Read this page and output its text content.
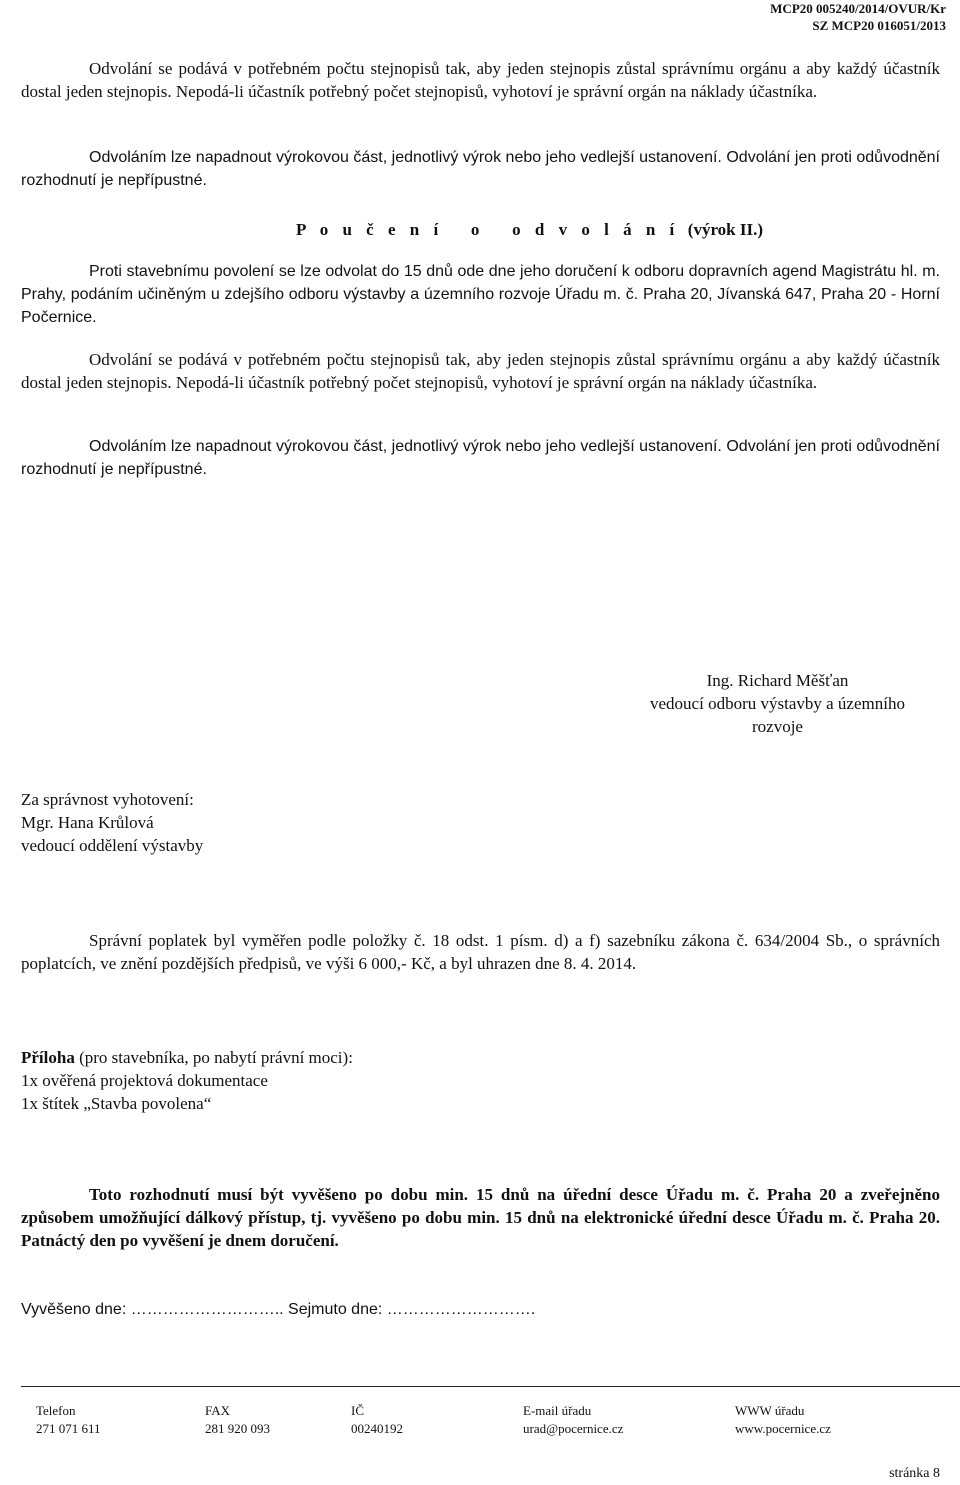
MCP20 005240/2014/OVUR/Kr
SZ MCP20 016051/2013

Odvolání se podává v potřebném počtu stejnopisů tak, aby jeden stejnopis zůstal správnímu orgánu a aby každý účastník dostal jeden stejnopis. Nepodá-li účastník potřebný počet stejnopisů, vyhotoví je správní orgán na náklady účastníka.

Odvoláním lze napadnout výrokovou část, jednotlivý výrok nebo jeho vedlejší ustanovení. Odvolání jen proti odůvodnění rozhodnutí je nepřípustné.

P o u č e n í   o   o d v o l á n í (výrok II.)

Proti stavebnímu povolení se lze odvolat do 15 dnů ode dne jeho doručení k odboru dopravních agend Magistrátu hl. m. Prahy, podáním učiněným u zdejšího odboru výstavby a územního rozvoje Úřadu m. č. Praha 20, Jívanská 647, Praha 20 - Horní Počernice.

Odvolání se podává v potřebném počtu stejnopisů tak, aby jeden stejnopis zůstal správnímu orgánu a aby každý účastník dostal jeden stejnopis. Nepodá-li účastník potřebný počet stejnopisů, vyhotoví je správní orgán na náklady účastníka.

Odvoláním lze napadnout výrokovou část, jednotlivý výrok nebo jeho vedlejší ustanovení. Odvolání jen proti odůvodnění rozhodnutí je nepřípustné.

Ing. Richard Měšťan
vedoucí odboru výstavby a územního
rozvoje
Za správnost vyhotovení:
Mgr. Hana Krůlová
vedoucí oddělení výstavby

Správní poplatek byl vyměřen podle položky č. 18 odst. 1 písm. d) a f) sazebníku zákona č. 634/2004 Sb., o správních poplatcích, ve znění pozdějších předpisů, ve výši 6 000,- Kč, a byl uhrazen dne 8. 4. 2014.

Příloha (pro stavebníka, po nabytí právní moci):
1x ověřená projektová dokumentace
1x štítek „Stavba povolena“

Toto rozhodnutí musí být vyvěšeno po dobu min. 15 dnů na úřední desce Úřadu m. č. Praha 20 a zveřejněno způsobem umožňující dálkový přístup, tj. vyvěšeno po dobu min. 15 dnů na elektronické úřední desce Úřadu m. č. Praha 20. Patnáctý den po vyvěšení je dnem doručení.

Vyvěšeno dne: ……………………….. Sejmuto dne: ……………………….
Telefon
271 071 611
FAX
281 920 093
IČ
00240192
E-mail úřadu
urad@pocernice.cz
WWW úřadu
www.pocernice.cz
stránka 8
